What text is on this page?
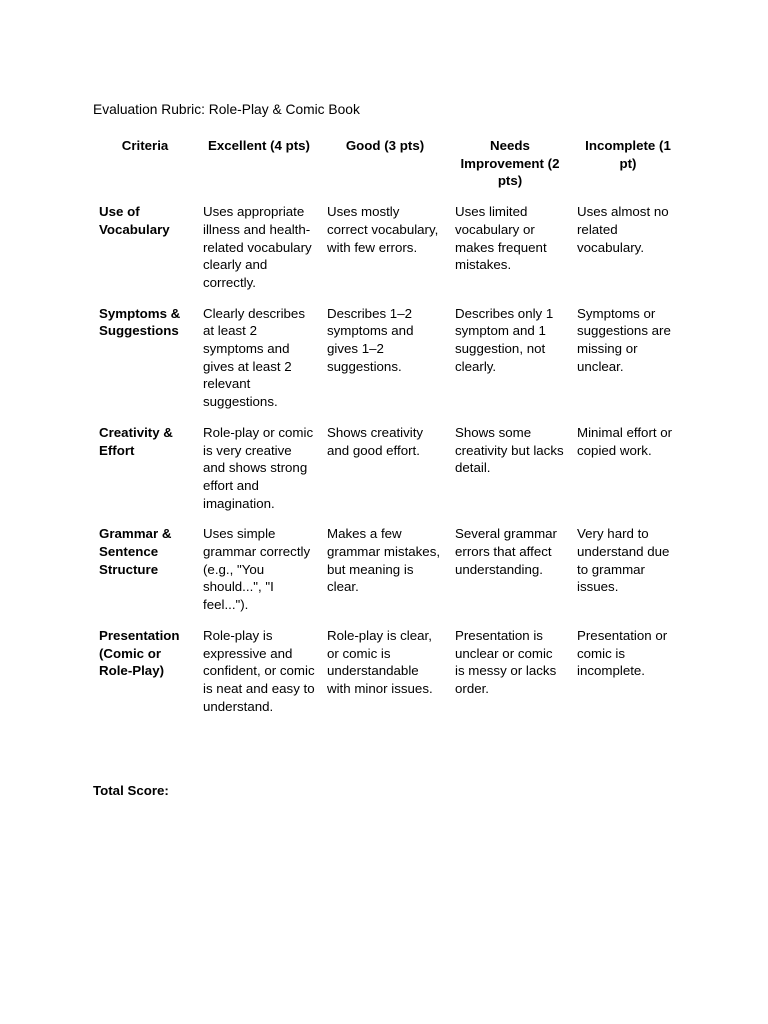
Evaluation Rubric: Role-Play & Comic Book
Criteria	Excellent (4 pts)	Good (3 pts)	Needs Improvement (2 pts)	Incomplete (1 pt)
Use of Vocabulary	Uses appropriate illness and health-related vocabulary clearly and correctly.	Uses mostly correct vocabulary, with few errors.	Uses limited vocabulary or makes frequent mistakes.	Uses almost no related vocabulary.
Symptoms & Suggestions	Clearly describes at least 2 symptoms and gives at least 2 relevant suggestions.	Describes 1–2 symptoms and gives 1–2 suggestions.	Describes only 1 symptom and 1 suggestion, not clearly.	Symptoms or suggestions are missing or unclear.
Creativity & Effort	Role-play or comic is very creative and shows strong effort and imagination.	Shows creativity and good effort.	Shows some creativity but lacks detail.	Minimal effort or copied work.
Grammar & Sentence Structure	Uses simple grammar correctly (e.g., "You should...", "I feel...").	Makes a few grammar mistakes, but meaning is clear.	Several grammar errors that affect understanding.	Very hard to understand due to grammar issues.
Presentation (Comic or Role-Play)	Role-play is expressive and confident, or comic is neat and easy to understand.	Role-play is clear, or comic is understandable with minor issues.	Presentation is unclear or comic is messy or lacks order.	Presentation or comic is incomplete.

Total Score:
